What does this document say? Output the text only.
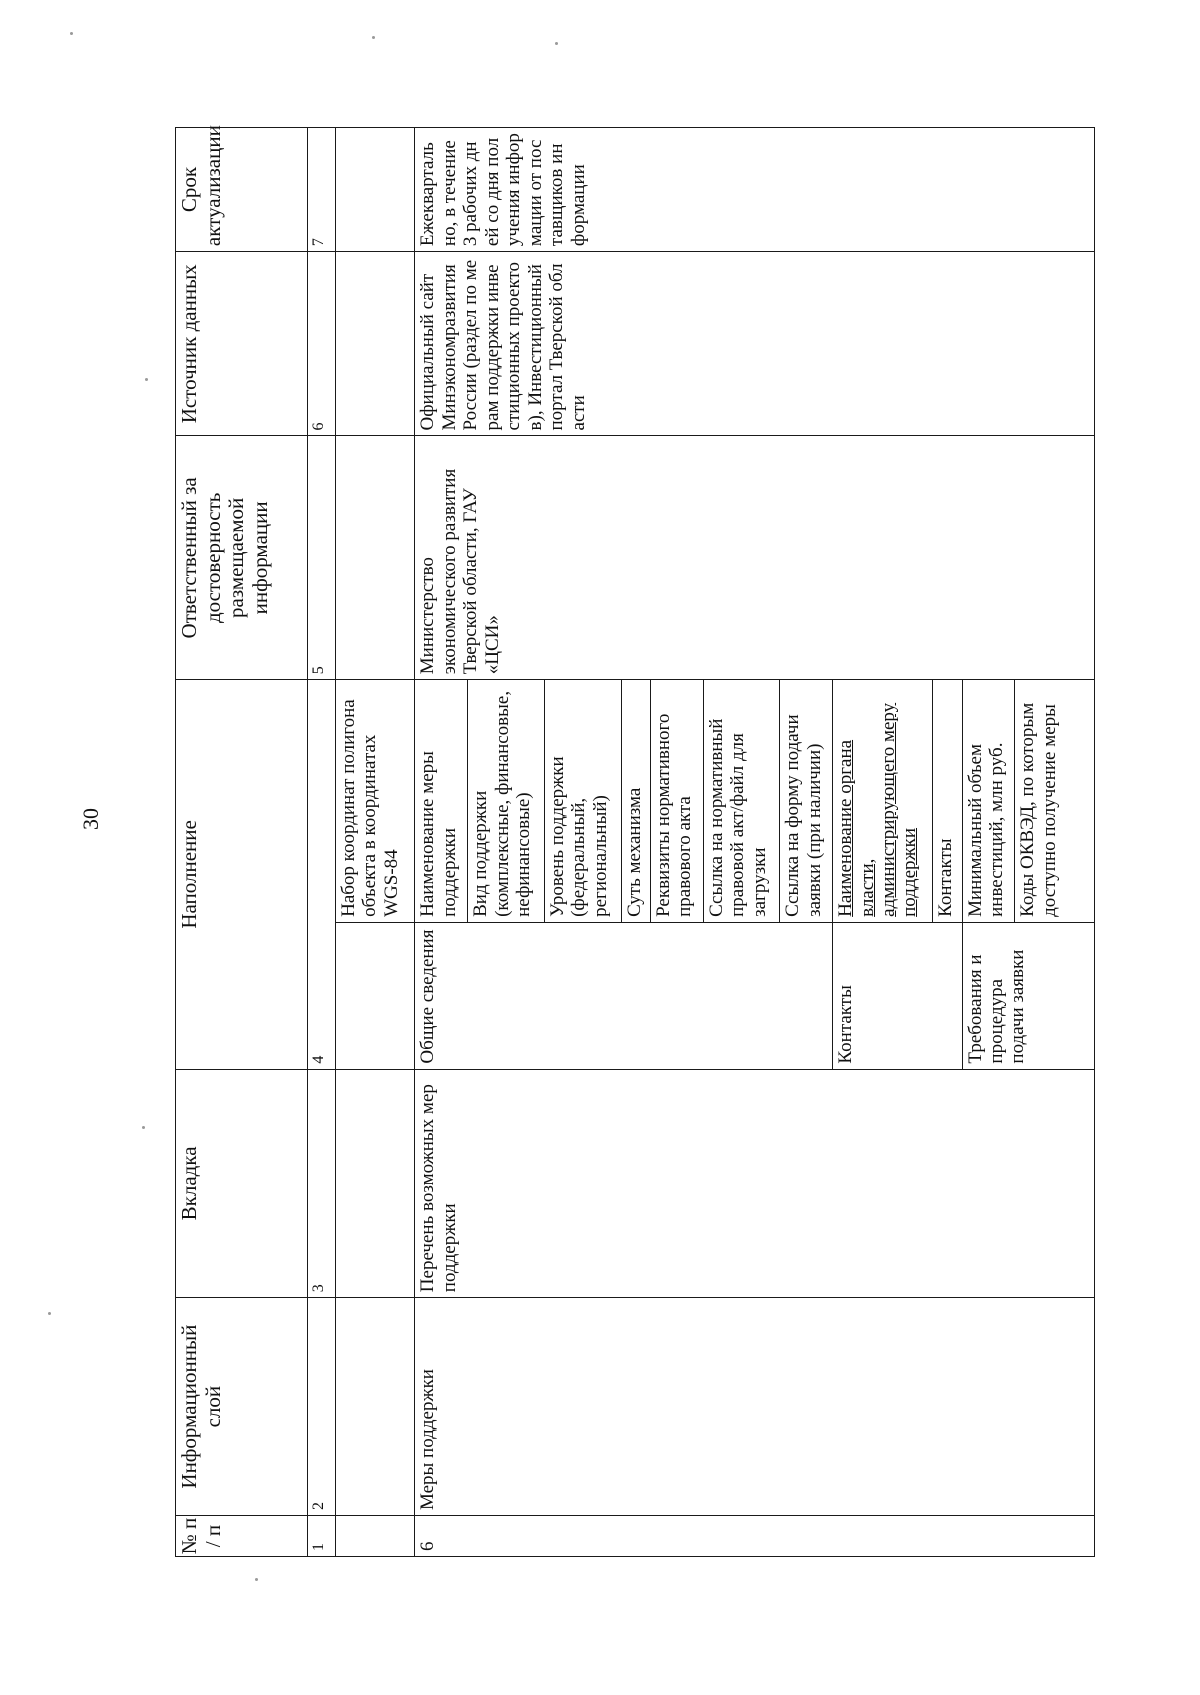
30
№ п / п	Информационный слой	Вкладка	Наполнение		Ответственный за достоверность размещаемой информации	Источник данных	Срок актуализации
1	2	3	4		5	6	7
				Набор координат полигона объекта в координатах WGS-84			
6	Меры поддержки	Перечень возможных мер поддержки	Общие сведения	Наименование меры поддержки	Министерство экономического развития Тверской области, ГАУ «ЦСИ»	Официальный сайт Минэкономразвития России (раздел по мерам поддержки инвестиционных проектов), Инвестиционный портал Тверской области	Ежеквартально, в течение 3 рабочих дней со дня получения информации от поставщиков информации
				Вид поддержки (комплексные, финансовые, нефинансовые)			
				Уровень поддержки (федеральный, региональный)			
				Суть механизма			
				Реквизиты нормативного правового акта			
				Ссылка на нормативный правовой акт/файл для загрузки			
				Ссылка на форму подачи заявки (при наличии)			
			Контакты	Наименование органа власти, администрирующего меру поддержки			
				Контакты			
			Требования и процедура подачи заявки	Минимальный объем инвестиций, млн руб.			
				Коды ОКВЭД, по которым доступно получение меры			
